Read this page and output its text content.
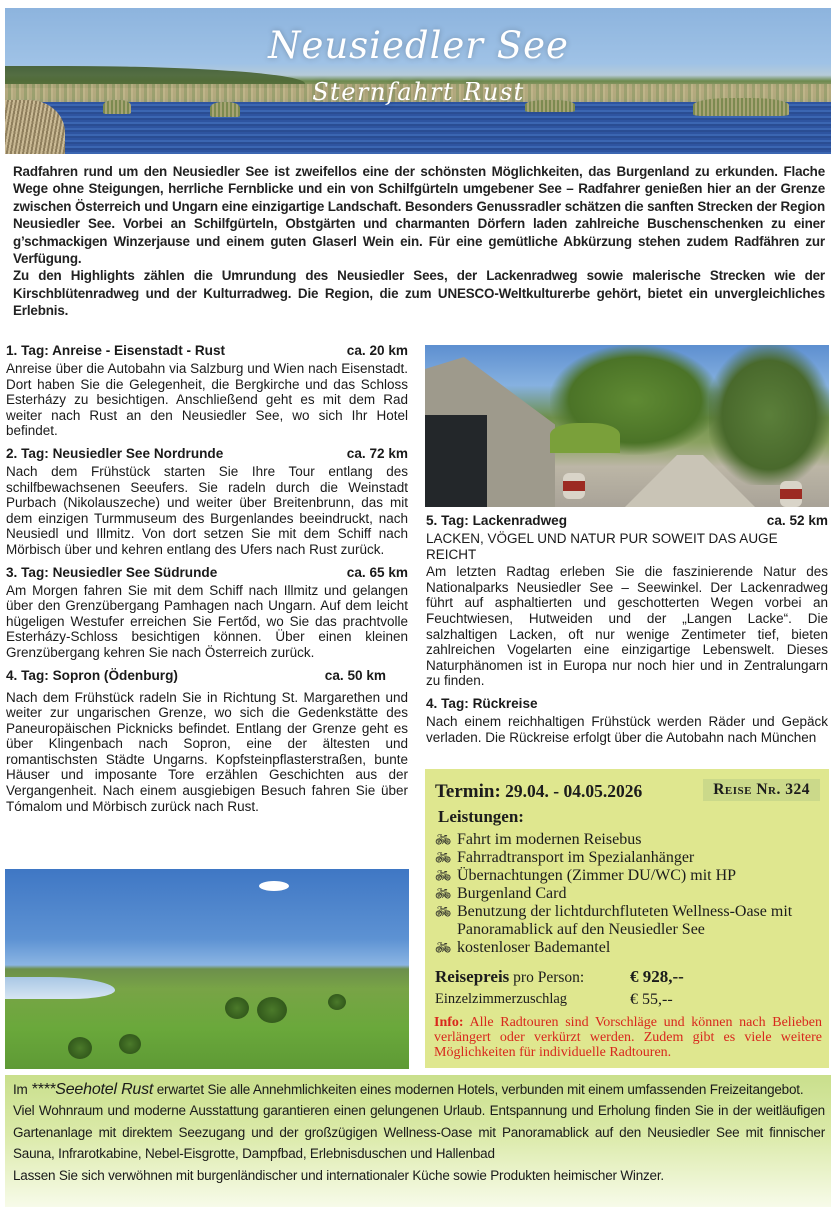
Neusiedler See
Sternfahrt Rust

Radfahren rund um den Neusiedler See ist zweifellos eine der schönsten Möglichkeiten, das Burgenland zu erkunden. Flache Wege ohne Steigungen, herrliche Fernblicke und ein von Schilfgürteln umgebener See – Radfahrer genießen hier an der Grenze zwischen Österreich und Ungarn eine einzigartige Landschaft. Besonders Genussradler schätzen die sanften Strecken der Region Neusiedler See. Vorbei an Schilfgürteln, Obstgärten und charmanten Dörfern laden zahlreiche Buschenschenken zu einer g’schmackigen Winzerjause und einem guten Glaserl Wein ein. Für eine gemütliche Abkürzung stehen zudem Radfähren zur Verfügung.

Zu den Highlights zählen die Umrundung des Neusiedler Sees, der Lackenradweg sowie malerische Strecken wie der Kirschblütenradweg und der Kulturradweg. Die Region, die zum UNESCO-Weltkulturerbe gehört, bietet ein unvergleichliches Erlebnis.

1. Tag: Anreise - Eisenstadt - Rust	ca. 20 km

Anreise über die Autobahn via Salzburg und Wien nach Eisenstadt. Dort haben Sie die Gelegenheit, die Bergkirche und das Schloss Esterházy zu besichtigen. Anschließend geht es mit dem Rad weiter nach Rust an den Neusiedler See, wo sich Ihr Hotel befindet.

2. Tag: Neusiedler See Nordrunde	ca. 72 km

Nach dem Frühstück starten Sie Ihre Tour entlang des schilfbewachsenen Seeufers. Sie radeln durch die Weinstadt Purbach (Nikolauszeche) und weiter über Breitenbrunn, das mit dem einzigen Turmmuseum des Burgenlandes beeindruckt, nach Neusiedl und Illmitz. Von dort setzen Sie mit dem Schiff nach Mörbisch über und kehren entlang des Ufers nach Rust zurück.

3. Tag: Neusiedler See Südrunde	ca. 65 km

Am Morgen fahren Sie mit dem Schiff nach Illmitz und gelangen über den Grenzübergang Pamhagen nach Ungarn. Auf dem leicht hügeligen Westufer erreichen Sie Fertőd, wo Sie das prachtvolle Esterházy-Schloss besichtigen können. Über einen kleinen Grenzübergang kehren Sie nach Österreich zurück.

4. Tag: Sopron (Ödenburg)	ca. 50 km

Nach dem Frühstück radeln Sie in Richtung St. Margarethen und weiter zur ungarischen Grenze, wo sich die Gedenkstätte des Paneuropäischen Picknicks befindet. Entlang der Grenze geht es über Klingenbach nach Sopron, eine der ältesten und romantischsten Städte Ungarns. Kopfsteinpflasterstraßen, bunte Häuser und imposante Tore erzählen Geschichten aus der Vergangenheit. Nach einem ausgiebigen Besuch fahren Sie über Tómalom und Mörbisch zurück nach Rust.

5. Tag: Lackenradweg	ca. 52 km

LACKEN, VÖGEL UND NATUR PUR SOWEIT DAS AUGE REICHT

Am letzten Radtag erleben Sie die faszinierende Natur des Nationalparks Neusiedler See – Seewinkel. Der Lackenradweg führt auf asphaltierten und geschotterten Wegen vorbei an Feuchtwiesen, Hutweiden und der „Langen Lacke“. Die salzhaltigen Lacken, oft nur wenige Zentimeter tief, bieten zahlreichen Vogelarten eine einzigartige Lebenswelt. Dieses Naturphänomen ist in Europa nur noch hier und in Zentralungarn zu finden.

4. Tag: Rückreise

Nach einem reichhaltigen Frühstück werden Räder und Gepäck verladen. Die Rückreise erfolgt über die Autobahn nach München

Termin: 29.04. - 04.05.2026	Reise Nr. 324
Leistungen:
🚲︎ Fahrt im modernen Reisebus
🚲︎ Fahrradtransport im Spezialanhänger
🚲︎ Übernachtungen (Zimmer DU/WC) mit HP
🚲︎ Burgenland Card
🚲︎ Benutzung der lichtdurchfluteten Wellness-Oase mit Panoramablick auf den Neusiedler See
🚲︎ kostenloser Bademantel
Reisepreis pro Person:	€ 928,--
Einzelzimmerzuschlag	€ 55,--
Info: Alle Radtouren sind Vorschläge und können nach Belieben verlängert oder verkürzt werden. Zudem gibt es viele weitere Möglichkeiten für individuelle Radtouren.

Im ****Seehotel Rust erwartet Sie alle Annehmlichkeiten eines modernen Hotels, verbunden mit einem umfassenden Freizeitangebot.

Viel Wohnraum und moderne Ausstattung garantieren einen gelungenen Urlaub. Entspannung und Erholung finden Sie in der weitläufigen Gartenanlage mit direktem Seezugang und der großzügigen Wellness-Oase mit Panoramablick auf den Neusiedler See mit finnischer Sauna, Infrarotkabine, Nebel-Eisgrotte, Dampfbad, Erlebnisduschen und Hallenbad

Lassen Sie sich verwöhnen mit burgenländischer und internationaler Küche sowie Produkten heimischer Winzer.
